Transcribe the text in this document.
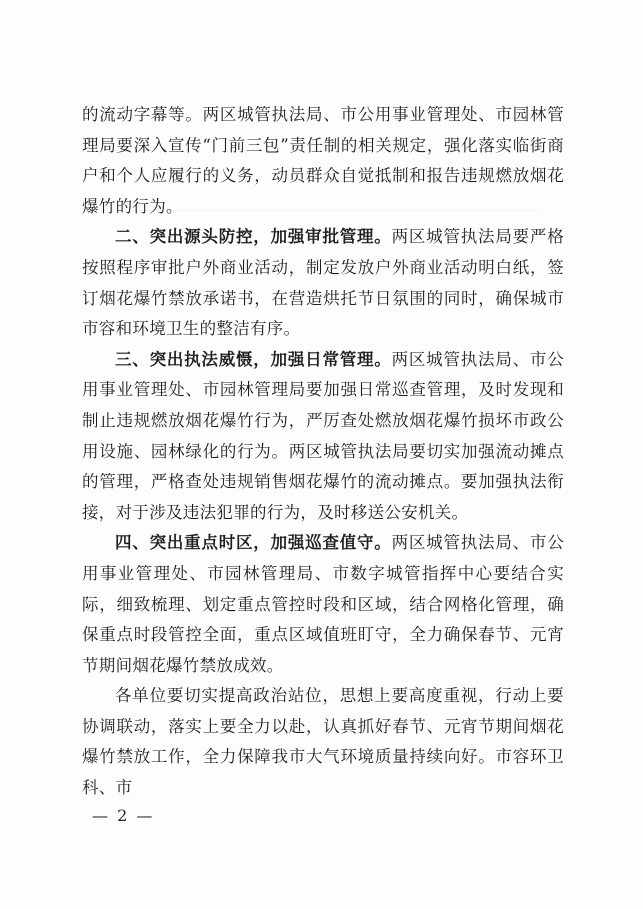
的流动字幕等。两区城管执法局、市公用事业管理处、市园林管理局要深入宣传“门前三包”责任制的相关规定，强化落实临街商户和个人应履行的义务，动员群众自觉抵制和报告违规燃放烟花爆竹的行为。

二、突出源头防控，加强审批管理。两区城管执法局要严格按照程序审批户外商业活动，制定发放户外商业活动明白纸，签订烟花爆竹禁放承诺书，在营造烘托节日氛围的同时，确保城市市容和环境卫生的整洁有序。

三、突出执法威慑，加强日常管理。两区城管执法局、市公用事业管理处、市园林管理局要加强日常巡查管理，及时发现和制止违规燃放烟花爆竹行为，严厉查处燃放烟花爆竹损坏市政公用设施、园林绿化的行为。两区城管执法局要切实加强流动摊点的管理，严格查处违规销售烟花爆竹的流动摊点。要加强执法衔接，对于涉及违法犯罪的行为，及时移送公安机关。

四、突出重点时区，加强巡查值守。两区城管执法局、市公用事业管理处、市园林管理局、市数字城管指挥中心要结合实际，细致梳理、划定重点管控时段和区域，结合网格化管理，确保重点时段管控全面，重点区域值班盯守，全力确保春节、元宵节期间烟花爆竹禁放成效。

各单位要切实提高政治站位，思想上要高度重视，行动上要协调联动，落实上要全力以赴，认真抓好春节、元宵节期间烟花爆竹禁放工作，全力保障我市大气环境质量持续向好。市容环卫科、市

— 2 —
